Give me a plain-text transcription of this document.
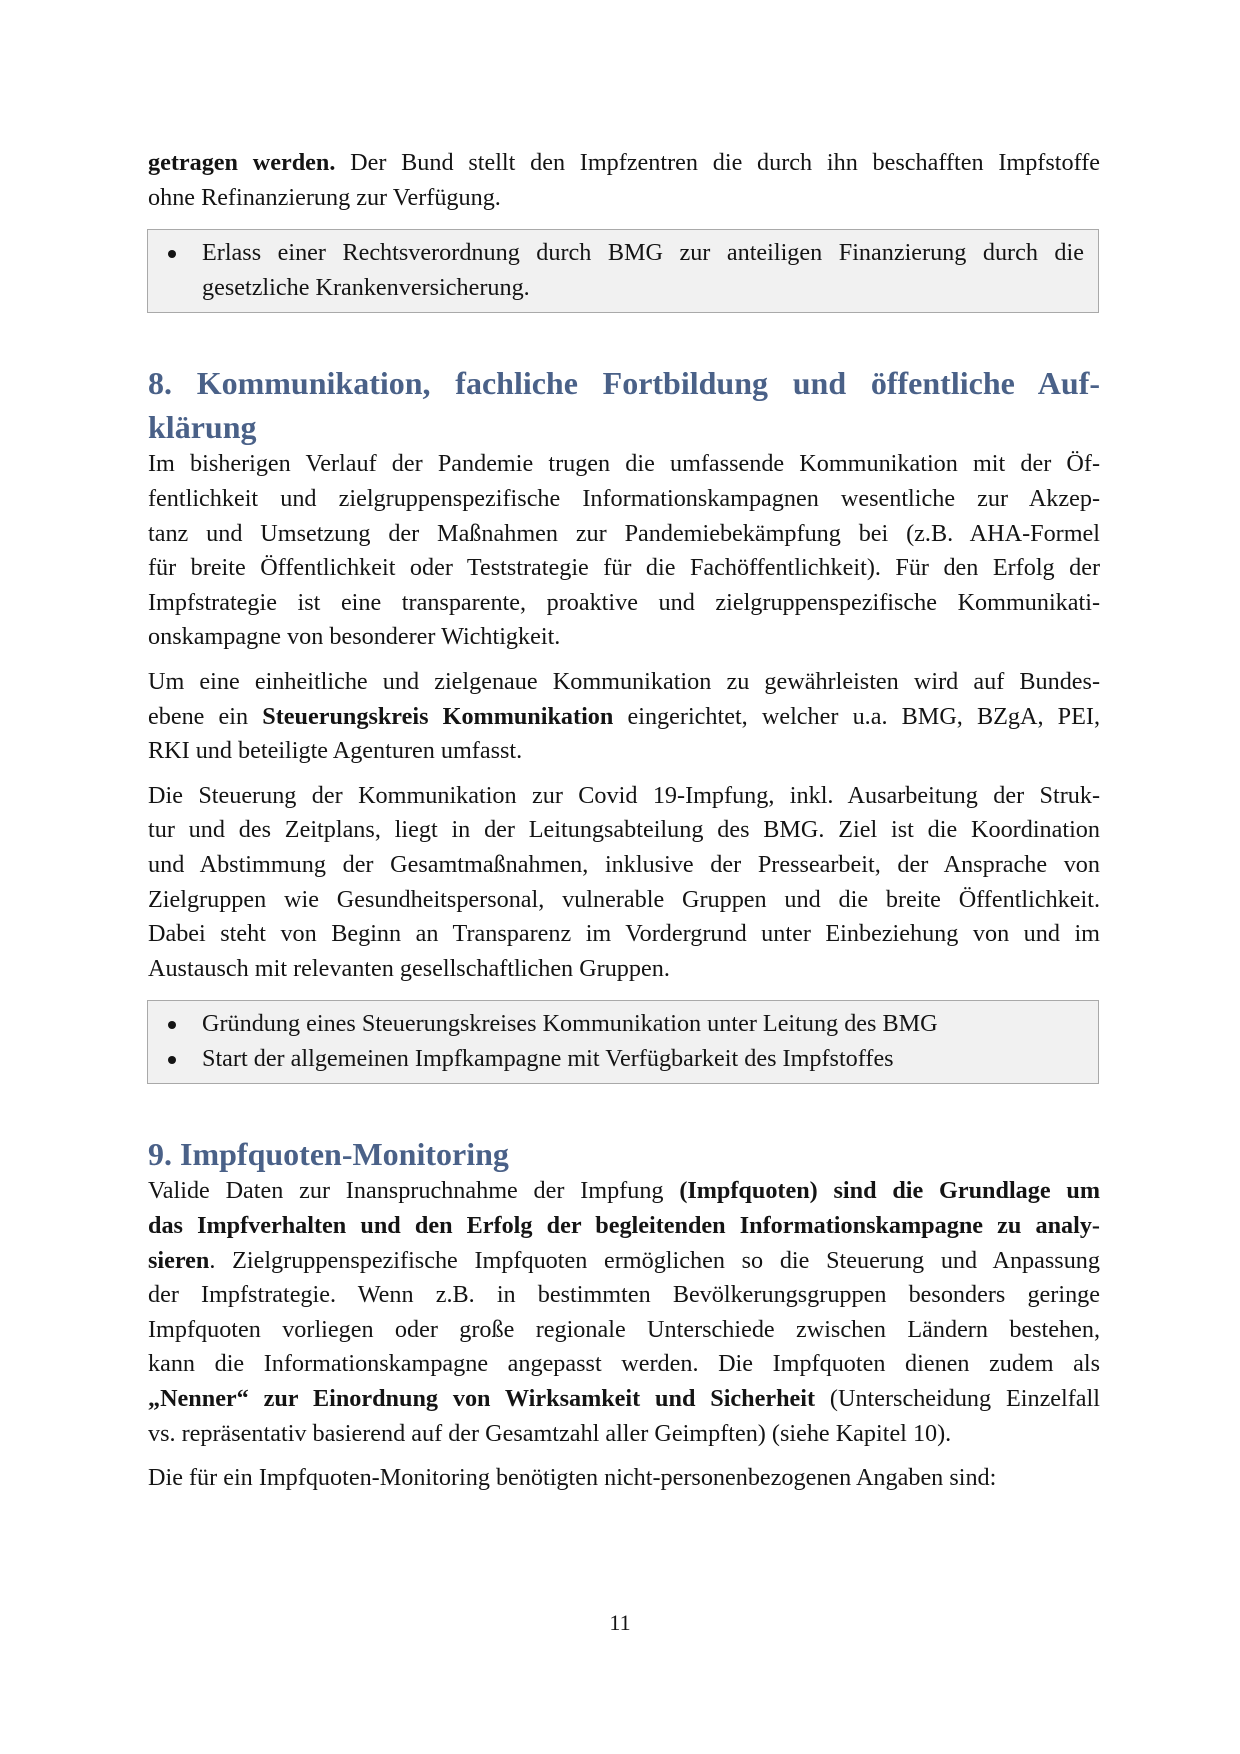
getragen werden. Der Bund stellt den Impfzentren die durch ihn beschafften Impfstoffe
ohne Refinanzierung zur Verfügung.
Erlass einer Rechtsverordnung durch BMG zur anteiligen Finanzierung durch die
gesetzliche Krankenversicherung.
8. Kommunikation, fachliche Fortbildung und öffentliche Auf-
klärung
Im bisherigen Verlauf der Pandemie trugen die umfassende Kommunikation mit der Öf-
fentlichkeit und zielgruppenspezifische Informationskampagnen wesentliche zur Akzep-
tanz und Umsetzung der Maßnahmen zur Pandemiebekämpfung bei (z.B. AHA-Formel
für breite Öffentlichkeit oder Teststrategie für die Fachöffentlichkeit). Für den Erfolg der
Impfstrategie ist eine transparente, proaktive und zielgruppenspezifische Kommunikati-
onskampagne von besonderer Wichtigkeit.
Um eine einheitliche und zielgenaue Kommunikation zu gewährleisten wird auf Bundes-
ebene ein Steuerungskreis Kommunikation eingerichtet, welcher u.a. BMG, BZgA, PEI,
RKI und beteiligte Agenturen umfasst.
Die Steuerung der Kommunikation zur Covid 19-Impfung, inkl. Ausarbeitung der Struk-
tur und des Zeitplans, liegt in der Leitungsabteilung des BMG. Ziel ist die Koordination
und Abstimmung der Gesamtmaßnahmen, inklusive der Pressearbeit, der Ansprache von
Zielgruppen wie Gesundheitspersonal, vulnerable Gruppen und die breite Öffentlichkeit.
Dabei steht von Beginn an Transparenz im Vordergrund unter Einbeziehung von und im
Austausch mit relevanten gesellschaftlichen Gruppen.
Gründung eines Steuerungskreises Kommunikation unter Leitung des BMG
Start der allgemeinen Impfkampagne mit Verfügbarkeit des Impfstoffes
9. Impfquoten-Monitoring
Valide Daten zur Inanspruchnahme der Impfung (Impfquoten) sind die Grundlage um
das Impfverhalten und den Erfolg der begleitenden Informationskampagne zu analy-
sieren. Zielgruppenspezifische Impfquoten ermöglichen so die Steuerung und Anpassung
der Impfstrategie. Wenn z.B. in bestimmten Bevölkerungsgruppen besonders geringe
Impfquoten vorliegen oder große regionale Unterschiede zwischen Ländern bestehen,
kann die Informationskampagne angepasst werden. Die Impfquoten dienen zudem als
„Nenner“ zur Einordnung von Wirksamkeit und Sicherheit (Unterscheidung Einzelfall
vs. repräsentativ basierend auf der Gesamtzahl aller Geimpften) (siehe Kapitel 10).
Die für ein Impfquoten-Monitoring benötigten nicht-personenbezogenen Angaben sind:
11
